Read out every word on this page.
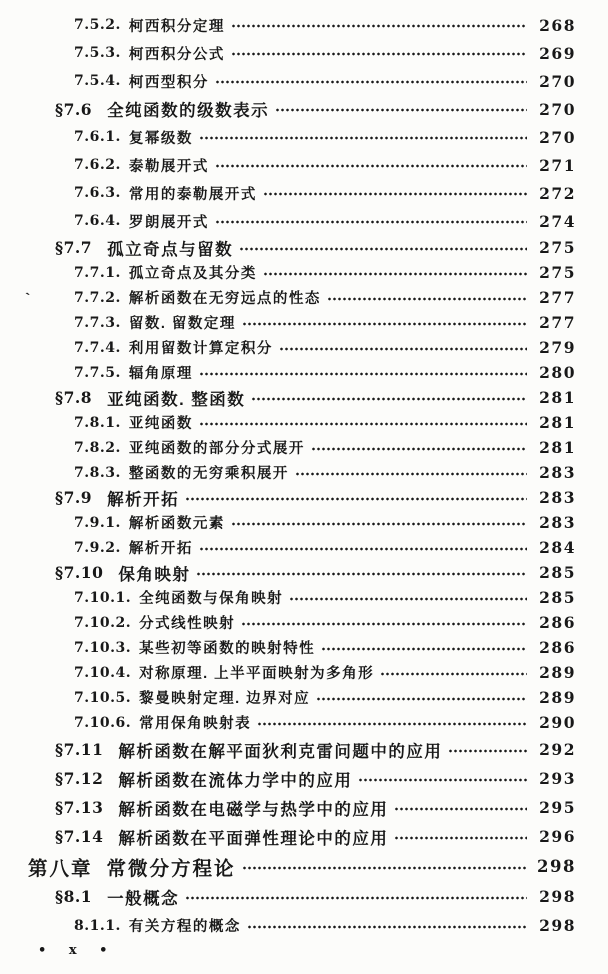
`
7.5.2. 柯西积分定理	268
7.5.3. 柯西积分公式	269
7.5.4. 柯西型积分	270
§7.6 全纯函数的级数表示	270
7.6.1. 复幂级数	270
7.6.2. 泰勒展开式	271
7.6.3. 常用的泰勒展开式	272
7.6.4. 罗朗展开式	274
§7.7 孤立奇点与留数	275
7.7.1. 孤立奇点及其分类	275
7.7.2. 解析函数在无穷远点的性态	277
7.7.3. 留数. 留数定理	277
7.7.4. 利用留数计算定积分	279
7.7.5. 辐角原理	280
§7.8 亚纯函数. 整函数	281
7.8.1. 亚纯函数	281
7.8.2. 亚纯函数的部分分式展开	281
7.8.3. 整函数的无穷乘积展开	283
§7.9 解析开拓	283
7.9.1. 解析函数元素	283
7.9.2. 解析开拓	284
§7.10 保角映射	285
7.10.1. 全纯函数与保角映射	285
7.10.2. 分式线性映射	286
7.10.3. 某些初等函数的映射特性	286
7.10.4. 对称原理. 上半平面映射为多角形	289
7.10.5. 黎曼映射定理. 边界对应	289
7.10.6. 常用保角映射表	290
§7.11 解析函数在解平面狄利克雷问题中的应用	292
§7.12 解析函数在流体力学中的应用	293
§7.13 解析函数在电磁学与热学中的应用	295
§7.14 解析函数在平面弹性理论中的应用	296
第八章 常微分方程论	298
§8.1 一般概念	298
8.1.1. 有关方程的概念	298
• x •
